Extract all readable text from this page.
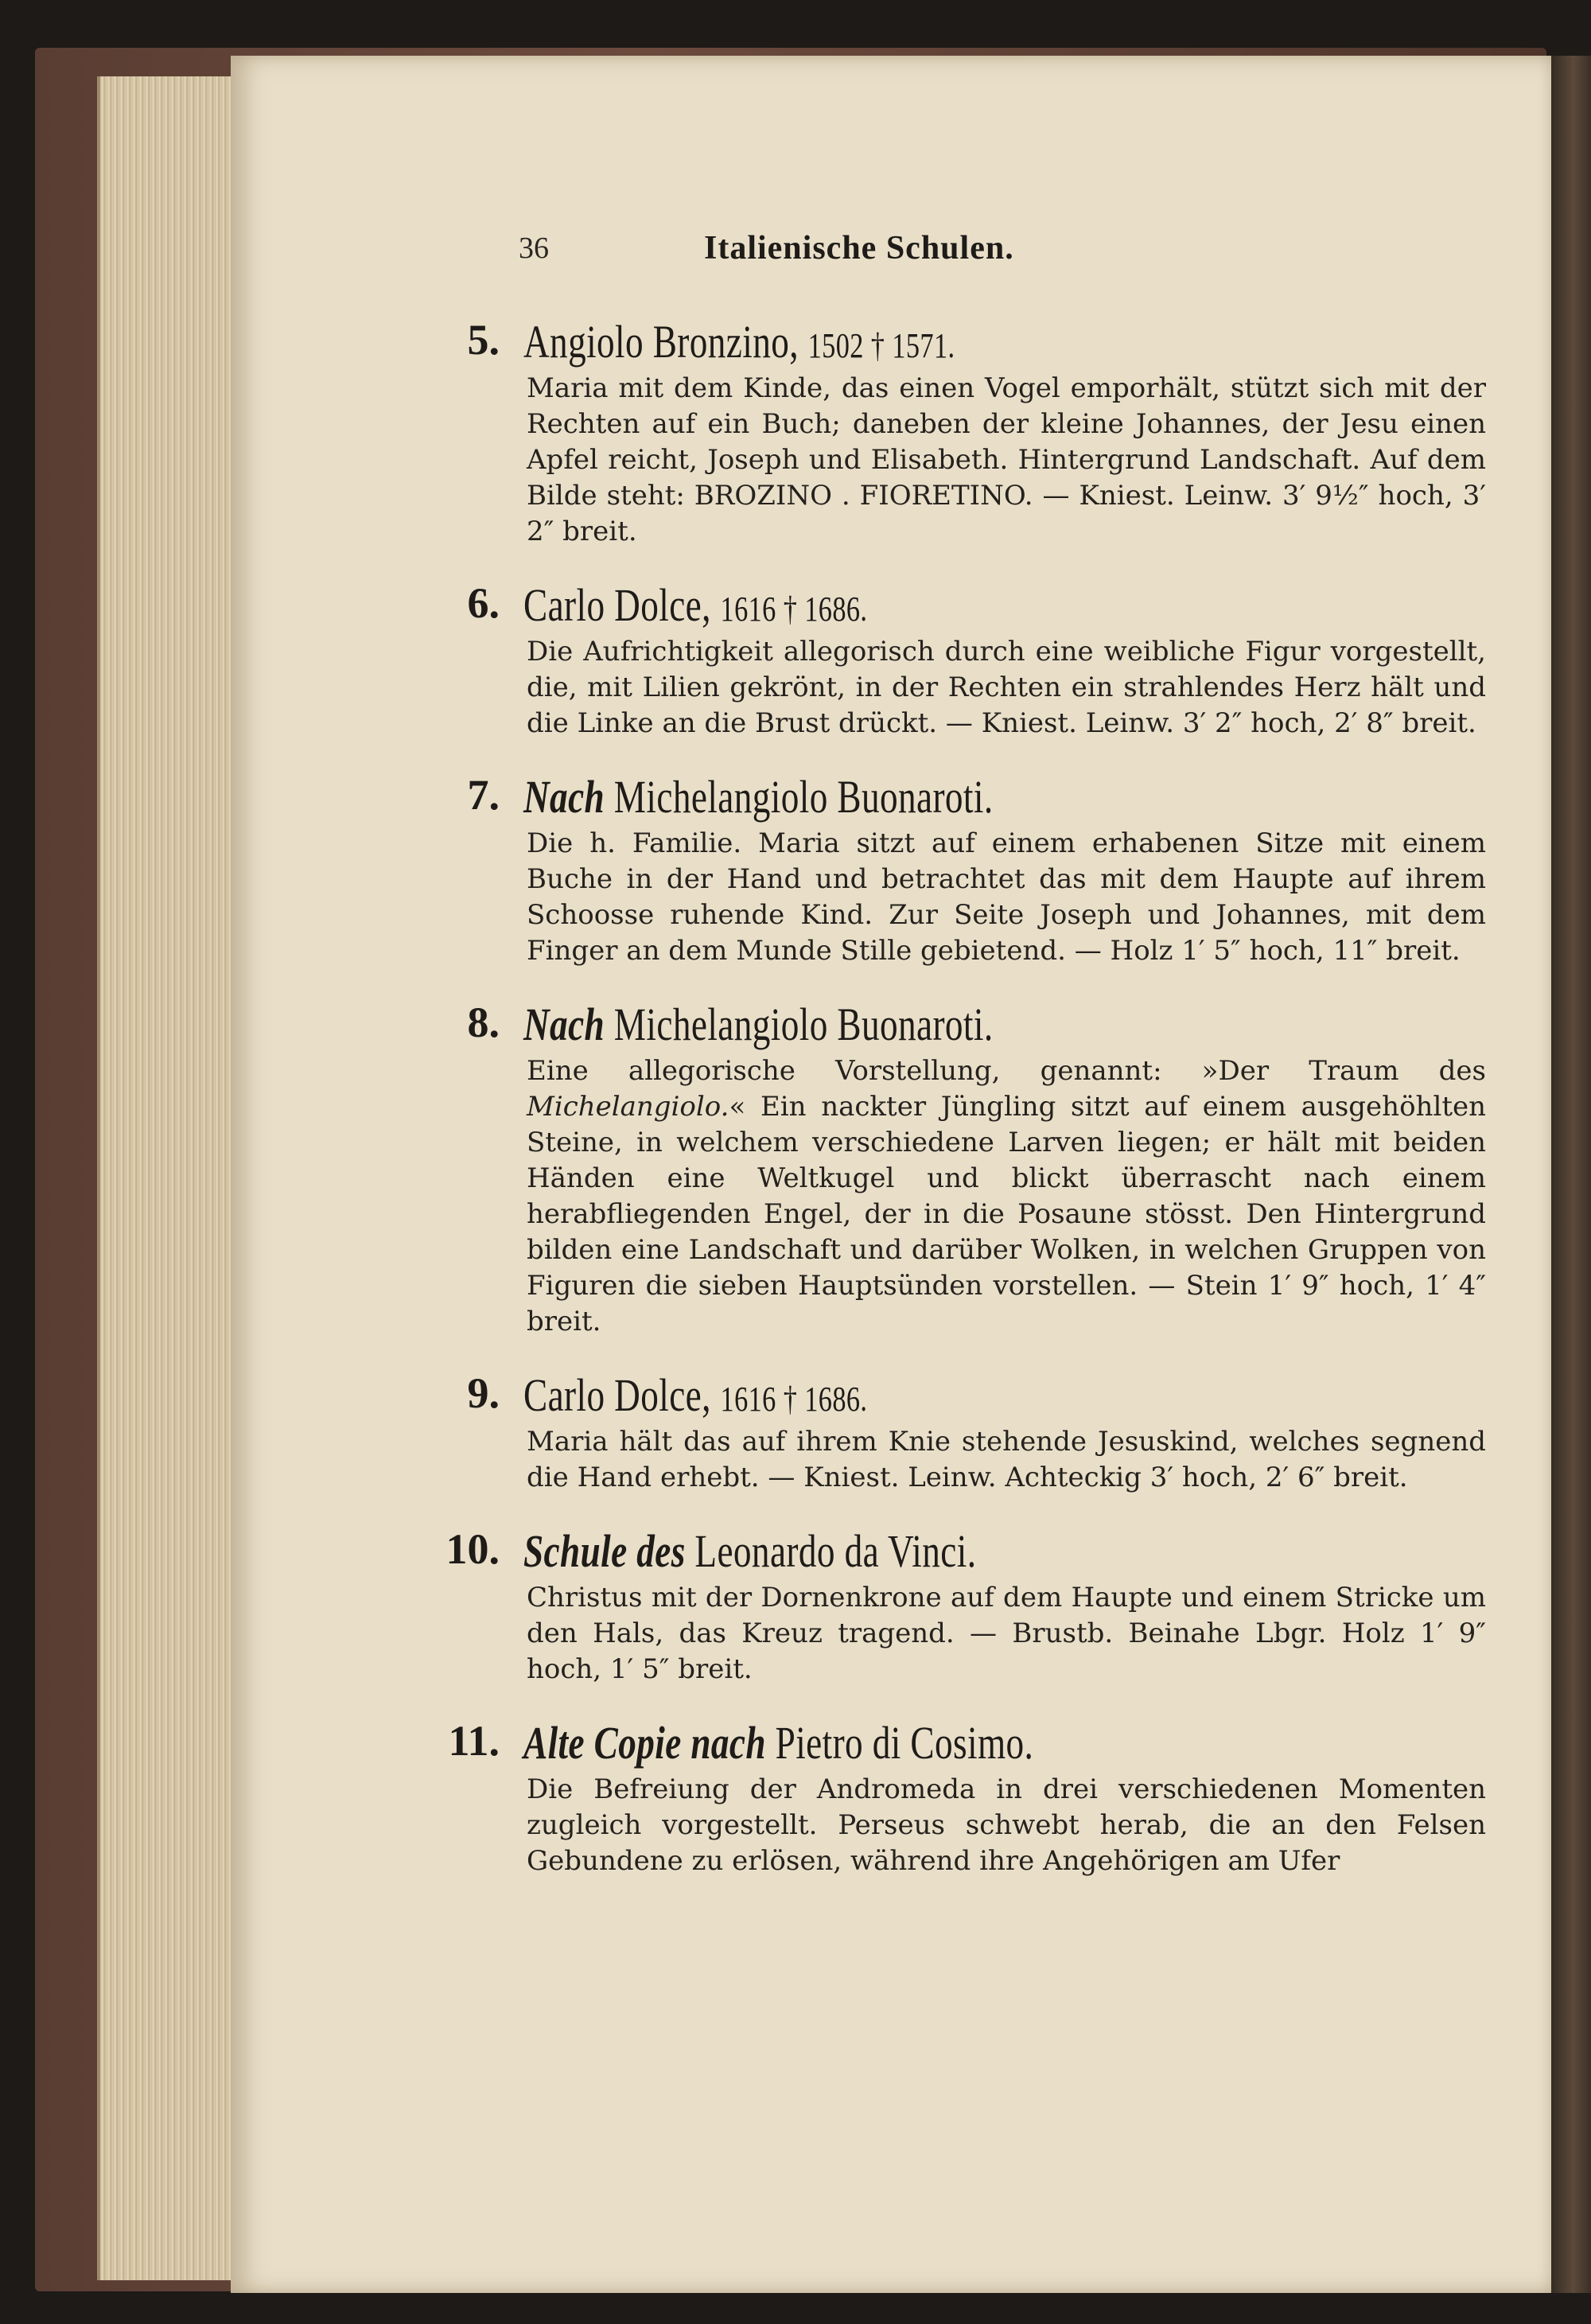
36	Italienische Schulen.
5. Angiolo Bronzino, 1502 † 1571.
Maria mit dem Kinde, das einen Vogel emporhält, stützt sich mit der Rechten auf ein Buch; daneben der kleine Johannes, der Jesu einen Apfel reicht, Joseph und Elisabeth. Hintergrund Landschaft. Auf dem Bilde steht: BROZINO . FIORETINO. — Kniest. Leinw. 3′ 9½″ hoch, 3′ 2″ breit.
6. Carlo Dolce, 1616 † 1686.
Die Aufrichtigkeit allegorisch durch eine weibliche Figur vorgestellt, die, mit Lilien gekrönt, in der Rechten ein strahlendes Herz hält und die Linke an die Brust drückt. — Kniest. Leinw. 3′ 2″ hoch, 2′ 8″ breit.
7. Nach Michelangiolo Buonaroti.
Die h. Familie. Maria sitzt auf einem erhabenen Sitze mit einem Buche in der Hand und betrachtet das mit dem Haupte auf ihrem Schoosse ruhende Kind. Zur Seite Joseph und Johannes, mit dem Finger an dem Munde Stille gebietend. — Holz 1′ 5″ hoch, 11″ breit.
8. Nach Michelangiolo Buonaroti.
Eine allegorische Vorstellung, genannt: »Der Traum des Michelangiolo.« Ein nackter Jüngling sitzt auf einem ausgehöhlten Steine, in welchem verschiedene Larven liegen; er hält mit beiden Händen eine Weltkugel und blickt überrascht nach einem herabfliegenden Engel, der in die Posaune stösst. Den Hintergrund bilden eine Landschaft und darüber Wolken, in welchen Gruppen von Figuren die sieben Hauptsünden vorstellen. — Stein 1′ 9″ hoch, 1′ 4″ breit.
9. Carlo Dolce, 1616 † 1686.
Maria hält das auf ihrem Knie stehende Jesuskind, welches segnend die Hand erhebt. — Kniest. Leinw. Achteckig 3′ hoch, 2′ 6″ breit.
10. Schule des Leonardo da Vinci.
Christus mit der Dornenkrone auf dem Haupte und einem Stricke um den Hals, das Kreuz tragend. — Brustb. Beinahe Lbgr. Holz 1′ 9″ hoch, 1′ 5″ breit.
11. Alte Copie nach Pietro di Cosimo.
Die Befreiung der Andromeda in drei verschiedenen Momenten zugleich vorgestellt. Perseus schwebt herab, die an den Felsen Gebundene zu erlösen, während ihre Angehörigen am Ufer
